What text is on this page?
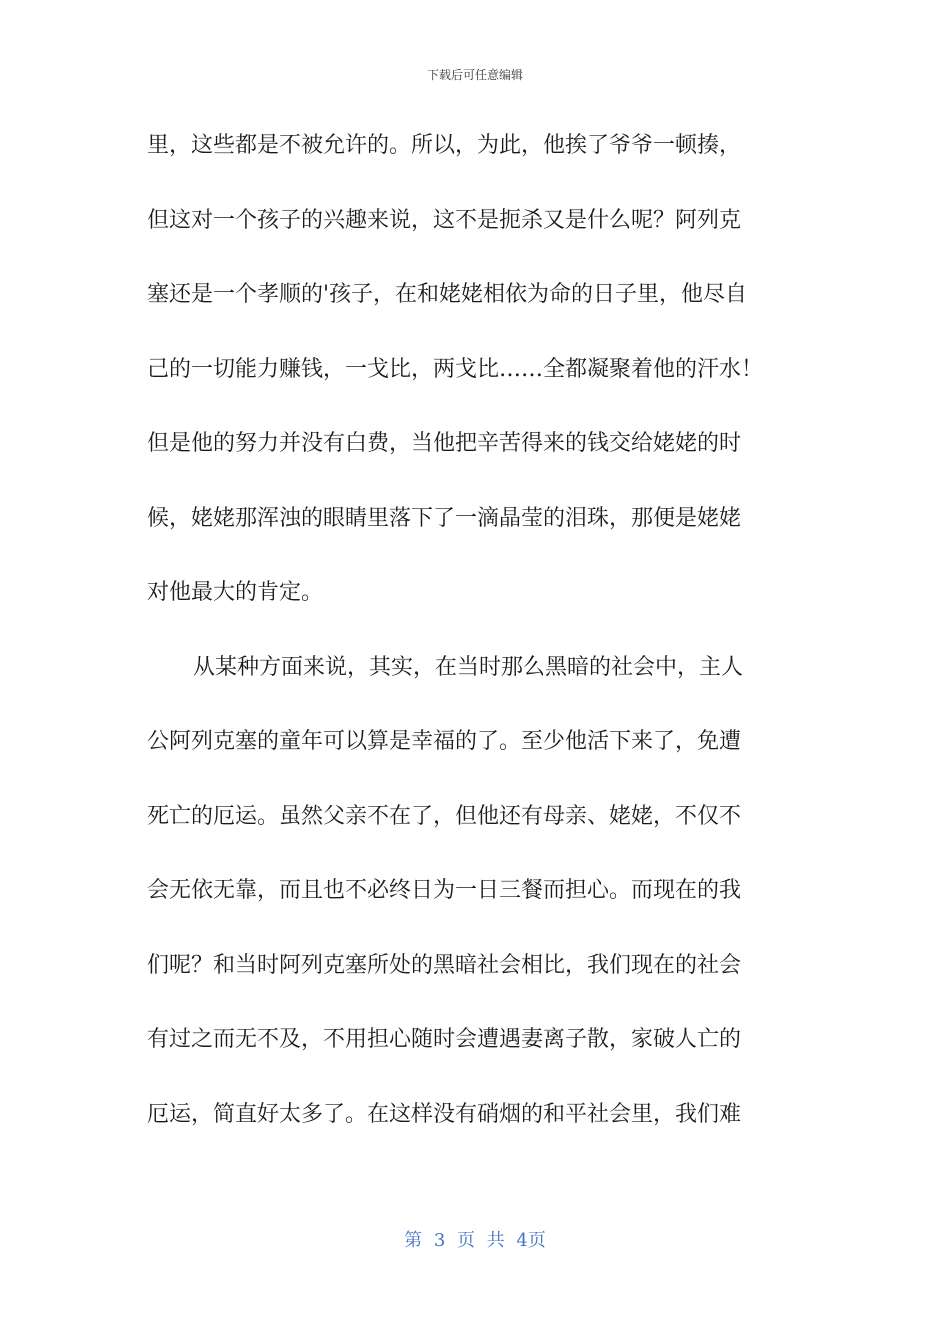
下载后可任意编辑
里，这些都是不被允许的。所以，为此，他挨了爷爷一顿揍，
但这对一个孩子的兴趣来说，这不是扼杀又是什么呢？阿列克
塞还是一个孝顺的'孩子，在和姥姥相依为命的日子里，他尽自
己的一切能力赚钱，一戈比，两戈比……全都凝聚着他的汗水！
但是他的努力并没有白费，当他把辛苦得来的钱交给姥姥的时
候，姥姥那浑浊的眼睛里落下了一滴晶莹的泪珠，那便是姥姥
对他最大的肯定。
从某种方面来说，其实，在当时那么黑暗的社会中，主人
公阿列克塞的童年可以算是幸福的了。至少他活下来了，免遭
死亡的厄运。虽然父亲不在了，但他还有母亲、姥姥，不仅不
会无依无靠，而且也不必终日为一日三餐而担心。而现在的我
们呢？和当时阿列克塞所处的黑暗社会相比，我们现在的社会
有过之而无不及，不用担心随时会遭遇妻离子散，家破人亡的
厄运，简直好太多了。在这样没有硝烟的和平社会里，我们难
第 3 页 共 4页
